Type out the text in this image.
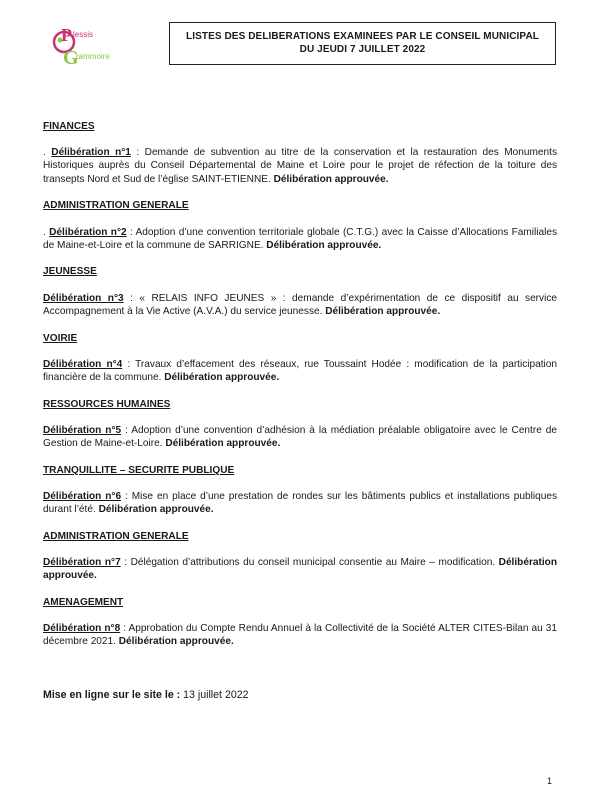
P lessis
G
rammoire
LISTES DES DELIBERATIONS EXAMINEES PAR LE CONSEIL MUNICIPAL
DU JEUDI 7 JUILLET 2022
FINANCES
. Délibération n°1 : Demande de subvention au titre de la conservation et la restauration des Monuments Historiques auprès du Conseil Départemental de Maine et Loire pour le projet de réfection de la toiture des transepts Nord et Sud de l’église SAINT-ETIENNE. Délibération approuvée.
ADMINISTRATION GENERALE
. Délibération n°2 : Adoption d’une convention territoriale globale (C.T.G.) avec la Caisse d’Allocations Familiales de Maine-et-Loire et la commune de SARRIGNE. Délibération approuvée.
JEUNESSE
Délibération n°3 : « RELAIS INFO JEUNES » : demande d’expérimentation de ce dispositif au service Accompagnement à la Vie Active (A.V.A.) du service jeunesse. Délibération approuvée.
VOIRIE
Délibération n°4 : Travaux d’effacement des réseaux, rue Toussaint Hodée : modification de la participation financière de la commune. Délibération approuvée.
RESSOURCES HUMAINES
Délibération n°5 : Adoption d’une convention d’adhésion à la médiation préalable obligatoire avec le Centre de Gestion de Maine-et-Loire. Délibération approuvée.
TRANQUILLITE – SECURITE PUBLIQUE
Délibération n°6 : Mise en place d’une prestation de rondes sur les bâtiments publics et installations publiques durant l’été. Délibération approuvée.
ADMINISTRATION GENERALE
Délibération n°7 : Délégation d’attributions du conseil municipal consentie au Maire – modification. Délibération approuvée.
AMENAGEMENT
Délibération n°8 : Approbation du Compte Rendu Annuel à la Collectivité de la Société ALTER CITES-Bilan au 31 décembre 2021. Délibération approuvée.
Mise en ligne sur le site le : 13 juillet 2022
1
